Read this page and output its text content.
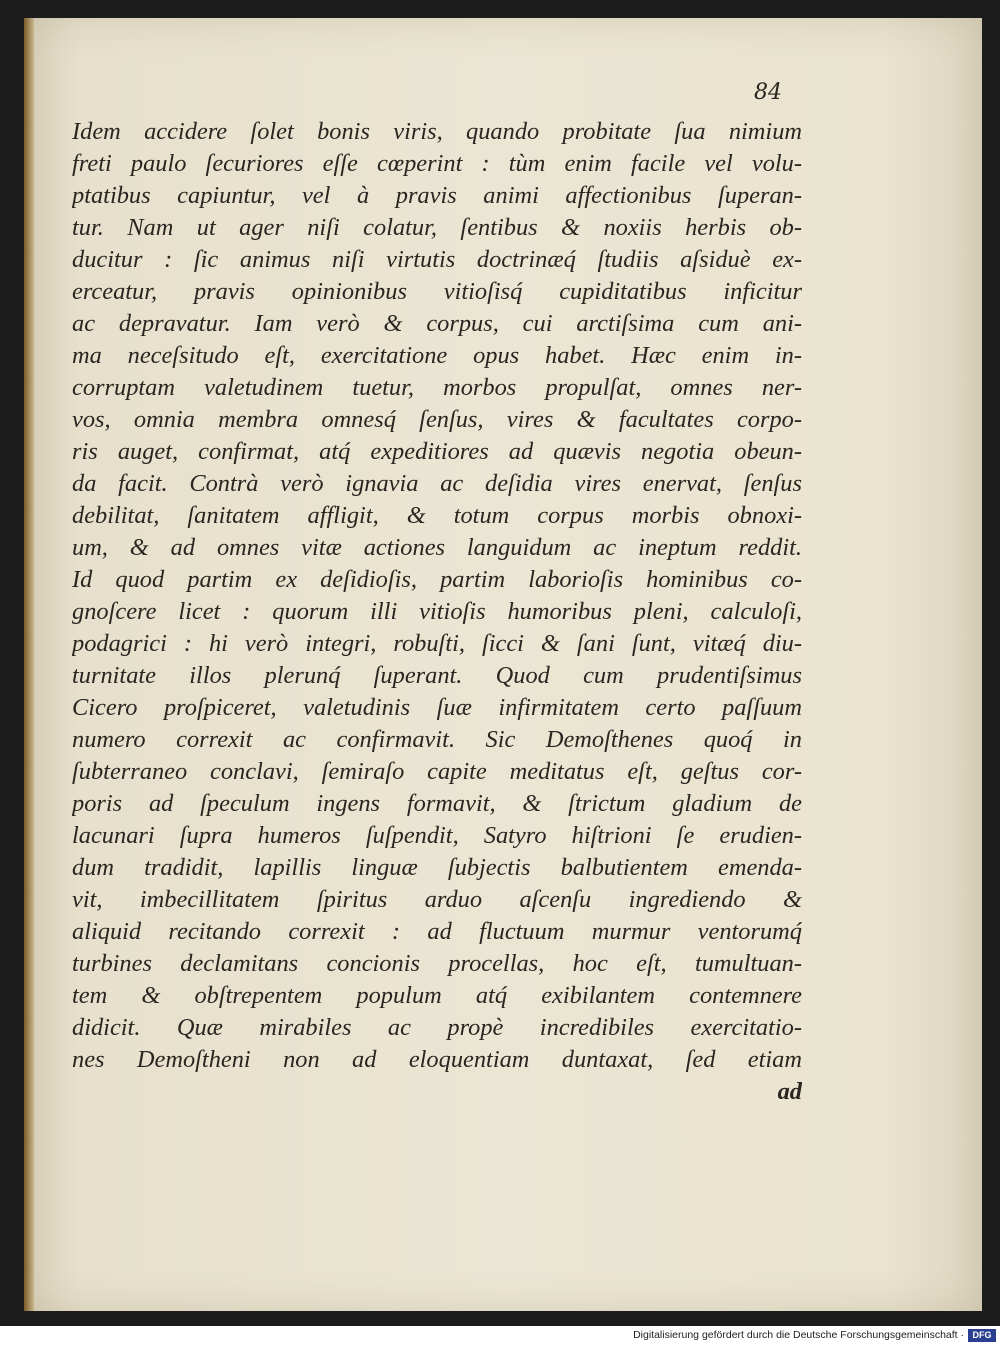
84
Idem accidere ſolet bonis viris, quando probitate ſua nimium
freti paulo ſecuriores eſſe cœperint : tùm enim facile vel volu-
ptatibus capiuntur, vel à pravis animi affectionibus ſuperan-
tur. Nam ut ager niſi colatur, ſentibus & noxiis herbis ob-
ducitur : ſic animus niſi virtutis doctrinæq́ ſtudiis aſsiduè ex-
erceatur, pravis opinionibus vitioſisq́ cupiditatibus inficitur
ac depravatur. Iam verò & corpus, cui arctiſsima cum ani-
ma neceſsitudo eſt, exercitatione opus habet. Hæc enim in-
corruptam valetudinem tuetur, morbos propulſat, omnes ner-
vos, omnia membra omnesq́ ſenſus, vires & facultates corpo-
ris auget, confirmat, atq́ expeditiores ad quævis negotia obeun-
da facit. Contrà verò ignavia ac deſidia vires enervat, ſenſus
debilitat, ſanitatem affligit, & totum corpus morbis obnoxi-
um, & ad omnes vitæ actiones languidum ac ineptum reddit.
Id quod partim ex deſidioſis, partim laborioſis hominibus co-
gnoſcere licet : quorum illi vitioſis humoribus pleni, calculoſi,
podagrici : hi verò integri, robuſti, ſicci & ſani ſunt, vitæq́ diu-
turnitate illos plerunq́ ſuperant. Quod cum prudentiſsimus
Cicero proſpiceret, valetudinis ſuæ infirmitatem certo paſſuum
numero correxit ac confirmavit. Sic Demoſthenes quoq́ in
ſubterraneo conclavi, ſemiraſo capite meditatus eſt, geſtus cor-
poris ad ſpeculum ingens formavit, & ſtrictum gladium de
lacunari ſupra humeros ſuſpendit, Satyro hiſtrioni ſe erudien-
dum tradidit, lapillis linguæ ſubjectis balbutientem emenda-
vit, imbecillitatem ſpiritus arduo aſcenſu ingrediendo &
aliquid recitando correxit : ad fluctuum murmur ventorumq́
turbines declamitans concionis procellas, hoc eſt, tumultuan-
tem & obſtrepentem populum atq́ exibilantem contemnere
didicit. Quæ mirabiles ac propè incredibiles exercitatio-
nes Demoſtheni non ad eloquentiam duntaxat, ſed etiam
ad
Digitalisierung gefördert durch die Deutsche Forschungsgemeinschaft · DFG
